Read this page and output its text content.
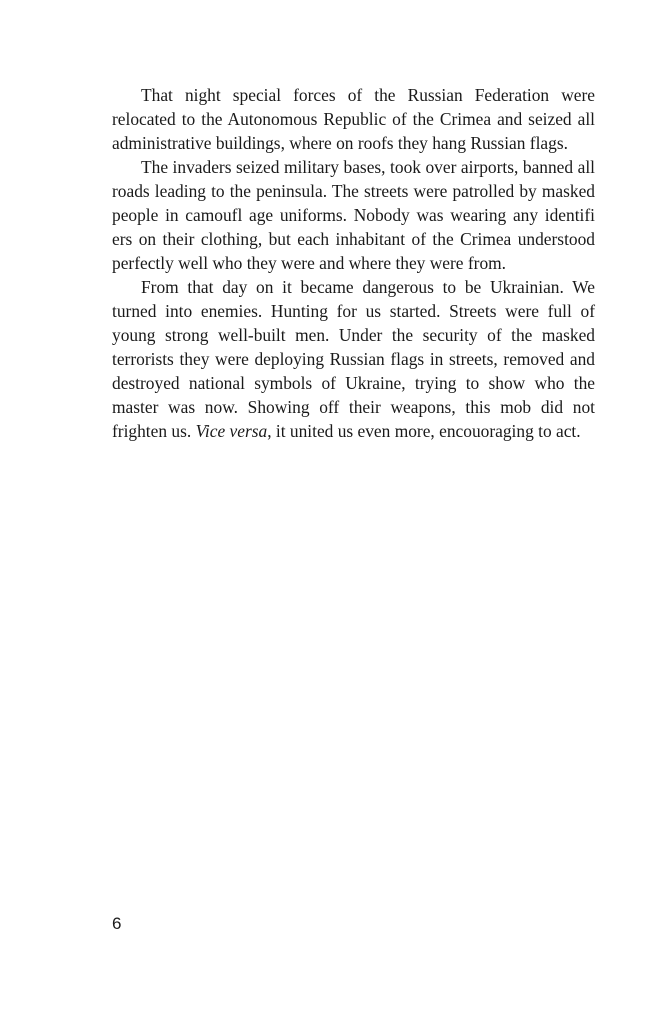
That night special forces of the Russian Federation were relocated to the Autonomous Republic of the Crimea and seized all administrative buildings, where on roofs they hang Russian flags.

The invaders seized military bases, took over airports, banned all roads leading to the peninsula. The streets were patrolled by masked people in camoufl age uniforms. Nobody was wearing any identifi ers on their clothing, but each inhabitant of the Crimea understood perfectly well who they were and where they were from.

From that day on it became dangerous to be Ukrainian. We turned into enemies. Hunting for us started. Streets were full of young strong well-built men. Under the security of the masked terrorists they were deploying Russian flags in streets, removed and destroyed national symbols of Ukraine, trying to show who the master was now. Showing off their weapons, this mob did not frighten us. Vice versa, it united us even more, encouoraging to act.

6
